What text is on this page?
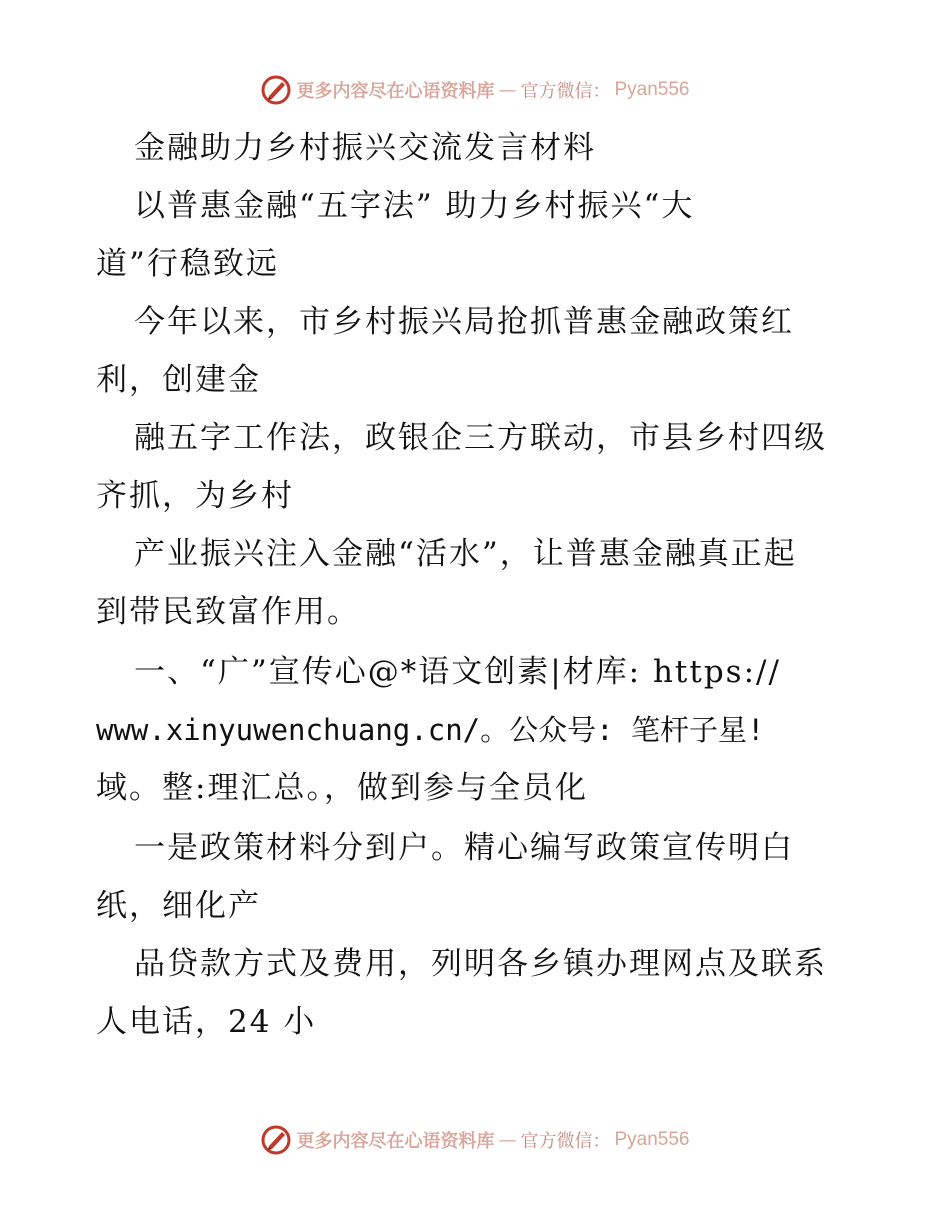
更多内容尽在心语资料库 — 官方微信： Pyan556
金融助力乡村振兴交流发言材料
以普惠金融“五字法” 助力乡村振兴“大
道”行稳致远
今年以来，市乡村振兴局抢抓普惠金融政策红
利，创建金
融五字工作法，政银企三方联动，市县乡村四级
齐抓，为乡村
产业振兴注入金融“活水”，让普惠金融真正起
到带民致富作用。
一、“广”宣传心@*语文创素|材库: https://
www.xinyuwenchuang.cn/。公众号: 笔杆子星!
域。整:理汇总。，做到参与全员化
一是政策材料分到户。精心编写政策宣传明白
纸，细化产
品贷款方式及费用，列明各乡镇办理网点及联系
人电话，24 小
更多内容尽在心语资料库 — 官方微信： Pyan556
